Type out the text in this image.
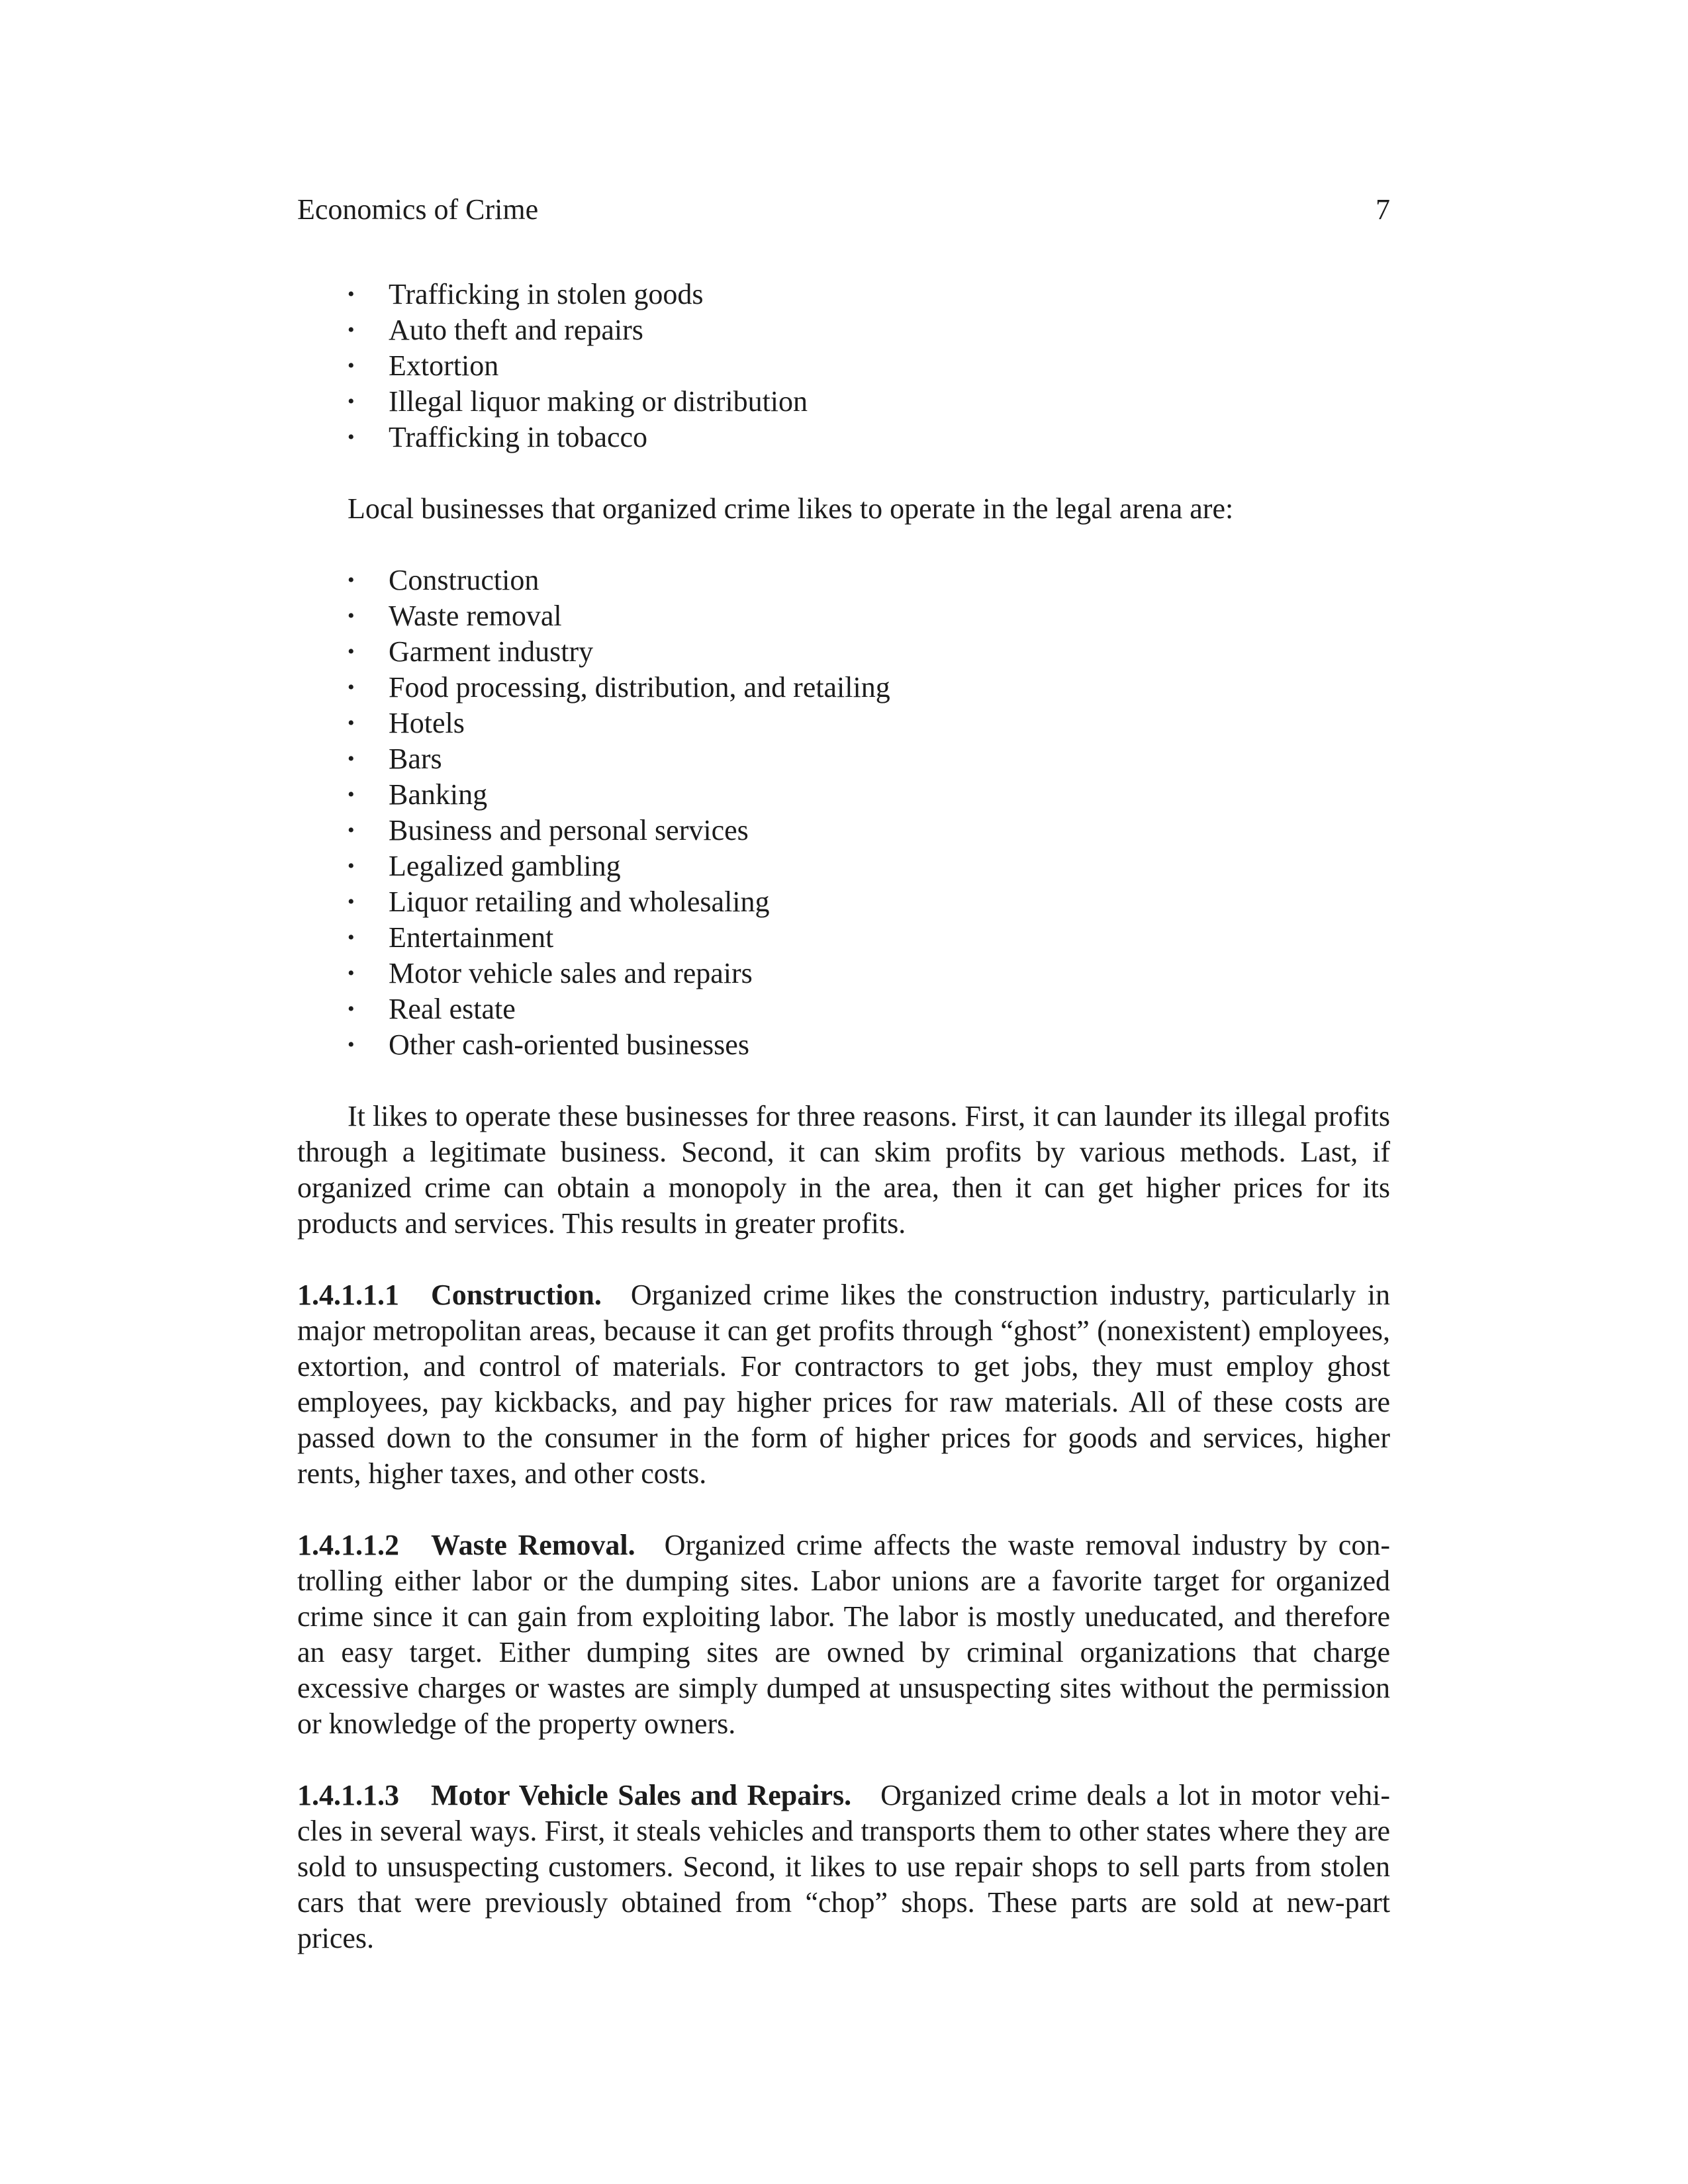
Economics of Crime	7
• Trafficking in stolen goods
• Auto theft and repairs
• Extortion
• Illegal liquor making or distribution
• Trafficking in tobacco

Local businesses that organized crime likes to operate in the legal arena are:

• Construction
• Waste removal
• Garment industry
• Food processing, distribution, and retailing
• Hotels
• Bars
• Banking
• Business and personal services
• Legalized gambling
• Liquor retailing and wholesaling
• Entertainment
• Motor vehicle sales and repairs
• Real estate
• Other cash-oriented businesses

It likes to operate these businesses for three reasons. First, it can launder its illegal profits through a legitimate business. Second, it can skim profits by various methods. Last, if organized crime can obtain a monopoly in the area, then it can get higher prices for its products and services. This results in greater profits.

1.4.1.1.1 Construction. Organized crime likes the construction industry, particularly in major metropolitan areas, because it can get profits through “ghost” (nonexistent) employees, extortion, and control of materials. For contractors to get jobs, they must employ ghost employees, pay kickbacks, and pay higher prices for raw materials. All of these costs are passed down to the consumer in the form of higher prices for goods and services, higher rents, higher taxes, and other costs.

1.4.1.1.2 Waste Removal. Organized crime affects the waste removal industry by controlling either labor or the dumping sites. Labor unions are a favorite target for organized crime since it can gain from exploiting labor. The labor is mostly uneducated, and therefore an easy target. Either dumping sites are owned by criminal organizations that charge excessive charges or wastes are simply dumped at unsuspecting sites without the permission or knowledge of the property owners.

1.4.1.1.3 Motor Vehicle Sales and Repairs. Organized crime deals a lot in motor vehicles in several ways. First, it steals vehicles and transports them to other states where they are sold to unsuspecting customers. Second, it likes to use repair shops to sell parts from stolen cars that were previously obtained from “chop” shops. These parts are sold at new-part prices.
